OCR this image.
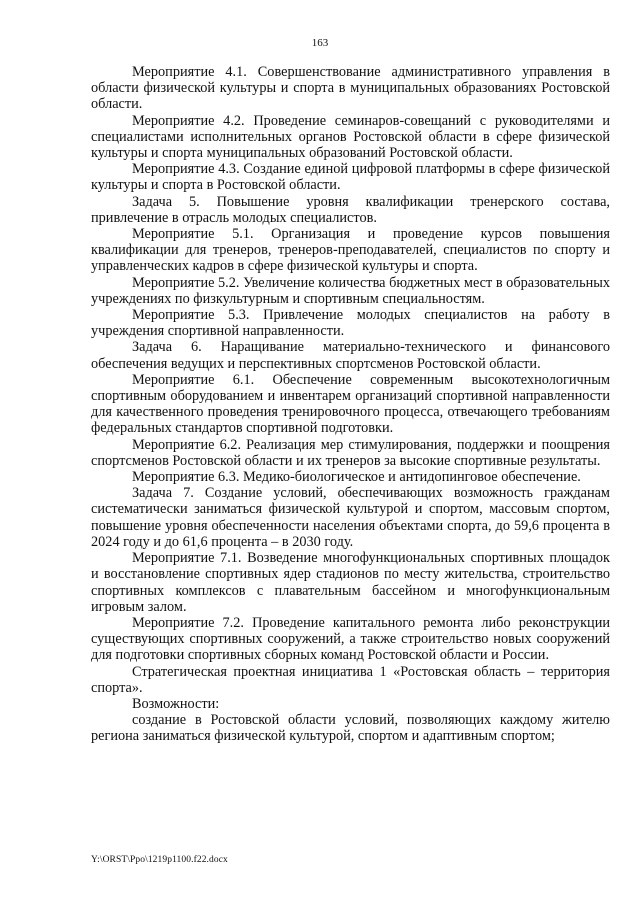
163

Мероприятие 4.1. Совершенствование административного управления в области физической культуры и спорта в муниципальных образованиях Ростовской области.

Мероприятие 4.2. Проведение семинаров-совещаний с руководителями и специалистами исполнительных органов Ростовской области в сфере физической культуры и спорта муниципальных образований Ростовской области.

Мероприятие 4.3. Создание единой цифровой платформы в сфере физической культуры и спорта в Ростовской области.

Задача 5. Повышение уровня квалификации тренерского состава, привлечение в отрасль молодых специалистов.

Мероприятие 5.1. Организация и проведение курсов повышения квалификации для тренеров, тренеров-преподавателей, специалистов по спорту и управленческих кадров в сфере физической культуры и спорта.

Мероприятие 5.2. Увеличение количества бюджетных мест в образовательных учреждениях по физкультурным и спортивным специальностям.

Мероприятие 5.3. Привлечение молодых специалистов на работу в учреждения спортивной направленности.

Задача 6. Наращивание материально-технического и финансового обеспечения ведущих и перспективных спортсменов Ростовской области.

Мероприятие 6.1. Обеспечение современным высокотехнологичным спортивным оборудованием и инвентарем организаций спортивной направленности для качественного проведения тренировочного процесса, отвечающего требованиям федеральных стандартов спортивной подготовки.

Мероприятие 6.2. Реализация мер стимулирования, поддержки и поощрения спортсменов Ростовской области и их тренеров за высокие спортивные результаты.

Мероприятие 6.3. Медико-биологическое и антидопинговое обеспечение.

Задача 7. Создание условий, обеспечивающих возможность гражданам систематически заниматься физической культурой и спортом, массовым спортом, повышение уровня обеспеченности населения объектами спорта, до 59,6 процента в 2024 году и до 61,6 процента – в 2030 году.

Мероприятие 7.1. Возведение многофункциональных спортивных площадок и восстановление спортивных ядер стадионов по месту жительства, строительство спортивных комплексов с плавательным бассейном и многофункциональным игровым залом.

Мероприятие 7.2. Проведение капитального ремонта либо реконструкции существующих спортивных сооружений, а также строительство новых сооружений для подготовки спортивных сборных команд Ростовской области и России.

Стратегическая проектная инициатива 1 «Ростовская область – территория спорта».

Возможности:

создание в Ростовской области условий, позволяющих каждому жителю региона заниматься физической культурой, спортом и адаптивным спортом;

Y:\ORST\Ppo\1219p1100.f22.docx
